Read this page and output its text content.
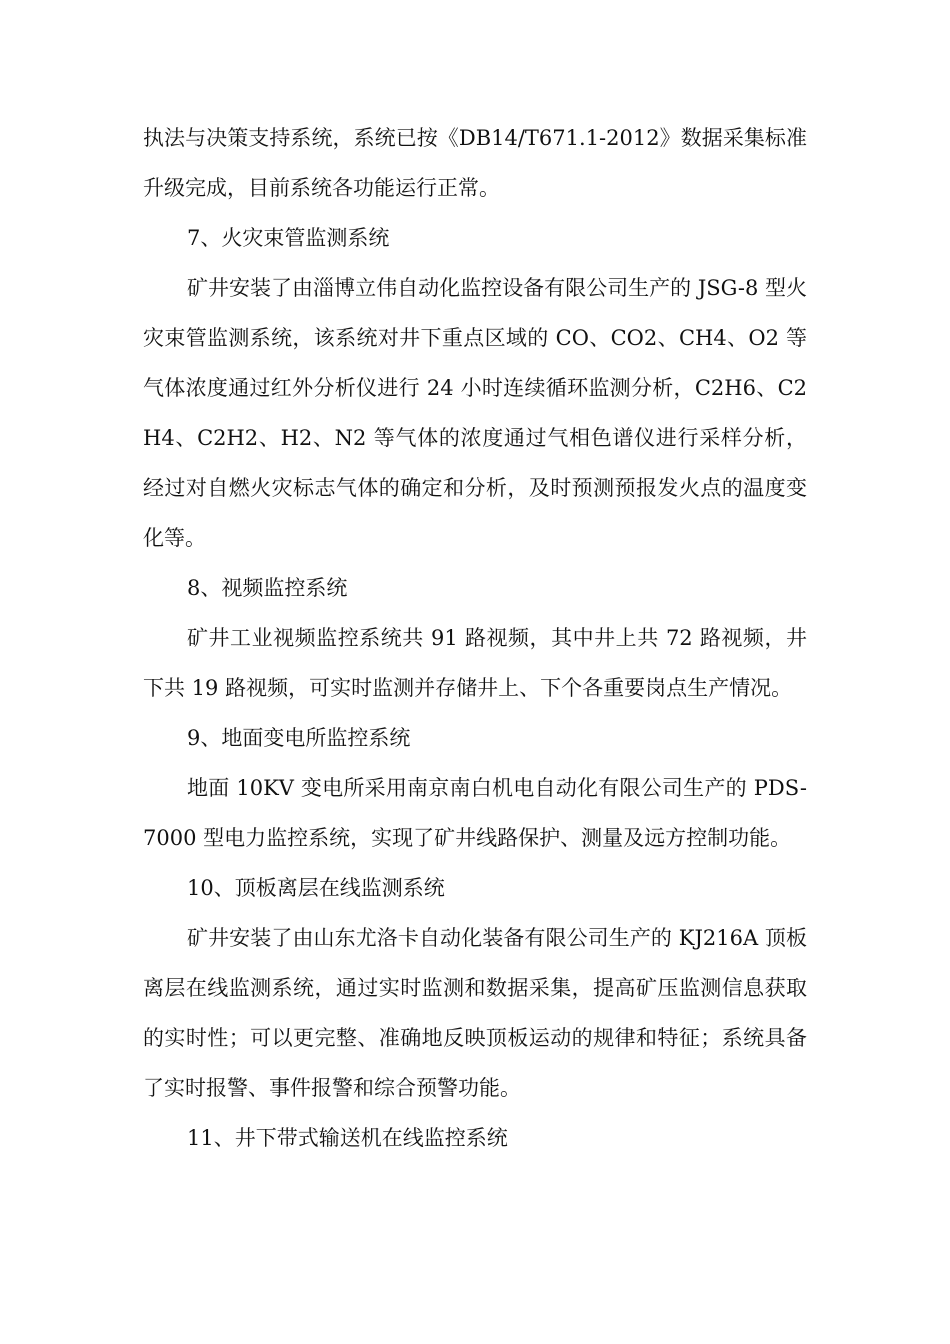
执法与决策支持系统，系统已按《DB14/T671.1-2012》数据采集标准升级完成，目前系统各功能运行正常。

7、火灾束管监测系统

矿井安装了由淄博立伟自动化监控设备有限公司生产的 JSG-8 型火灾束管监测系统，该系统对井下重点区域的 CO、CO2、CH4、O2 等气体浓度通过红外分析仪进行 24 小时连续循环监测分析，C2H6、C2H4、C2H2、H2、N2 等气体的浓度通过气相色谱仪进行采样分析，经过对自燃火灾标志气体的确定和分析，及时预测预报发火点的温度变化等。

8、视频监控系统

矿井工业视频监控系统共 91 路视频，其中井上共 72 路视频，井下共 19 路视频，可实时监测并存储井上、下个各重要岗点生产情况。

9、地面变电所监控系统

地面 10KV 变电所采用南京南白机电自动化有限公司生产的 PDS-7000 型电力监控系统，实现了矿井线路保护、测量及远方控制功能。

10、顶板离层在线监测系统

矿井安装了由山东尤洛卡自动化装备有限公司生产的 KJ216A 顶板离层在线监测系统，通过实时监测和数据采集，提高矿压监测信息获取的实时性；可以更完整、准确地反映顶板运动的规律和特征；系统具备了实时报警、事件报警和综合预警功能。

11、井下带式输送机在线监控系统
